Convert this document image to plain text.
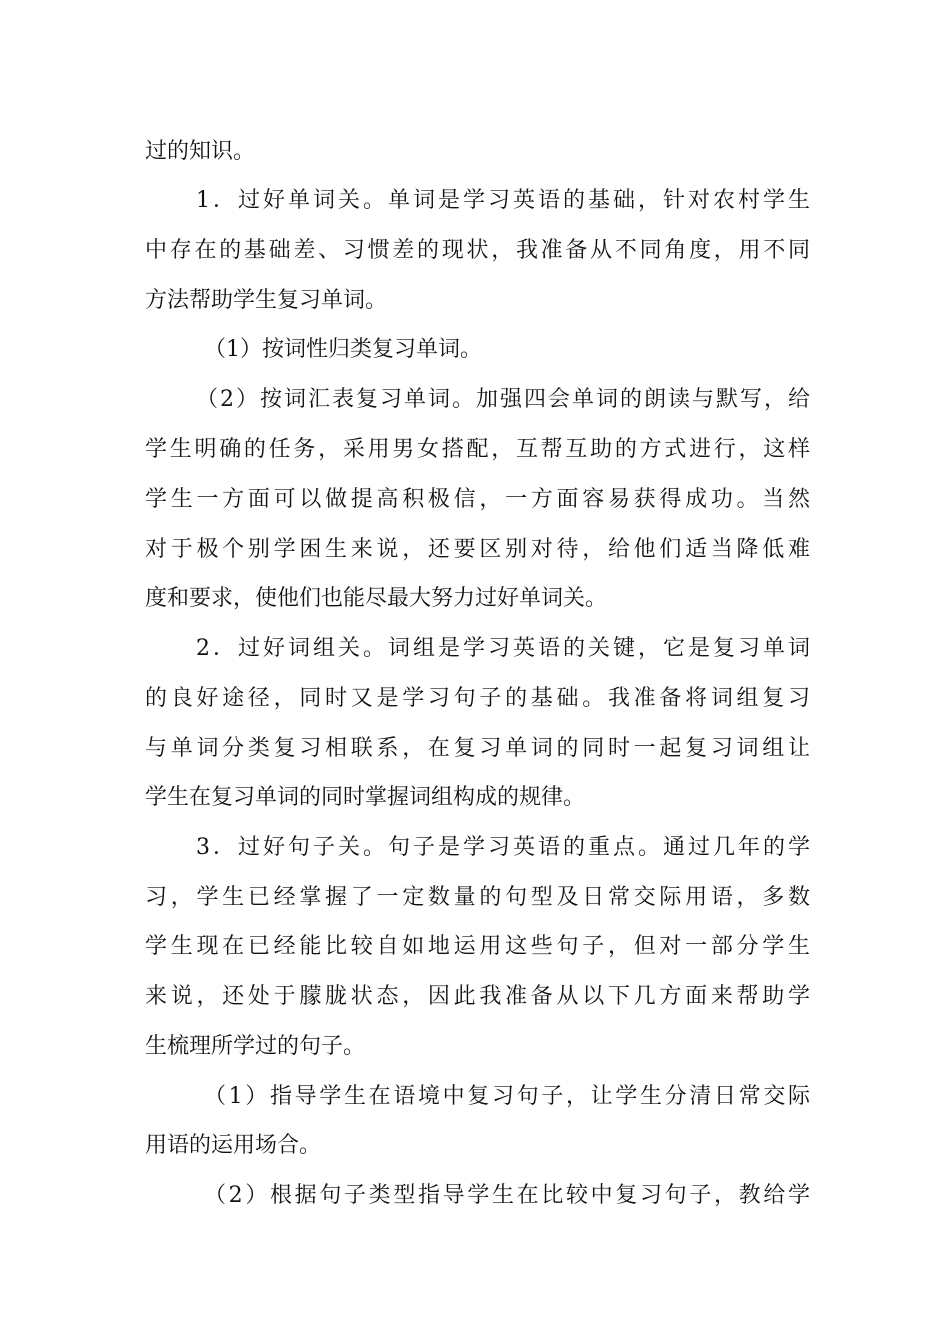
过的知识。
1．过好单词关。单词是学习英语的基础，针对农村学生
中存在的基础差、习惯差的现状，我准备从不同角度，用不同
方法帮助学生复习单词。
（1）按词性归类复习单词。
（2）按词汇表复习单词。加强四会单词的朗读与默写，给
学生明确的任务，采用男女搭配，互帮互助的方式进行，这样
学生一方面可以做提高积极信，一方面容易获得成功。当然
对于极个别学困生来说，还要区别对待，给他们适当降低难
度和要求，使他们也能尽最大努力过好单词关。
2．过好词组关。词组是学习英语的关键，它是复习单词
的良好途径，同时又是学习句子的基础。我准备将词组复习
与单词分类复习相联系，在复习单词的同时一起复习词组让
学生在复习单词的同时掌握词组构成的规律。
3．过好句子关。句子是学习英语的重点。通过几年的学
习，学生已经掌握了一定数量的句型及日常交际用语，多数
学生现在已经能比较自如地运用这些句子，但对一部分学生
来说，还处于朦胧状态，因此我准备从以下几方面来帮助学
生梳理所学过的句子。
（1）指导学生在语境中复习句子，让学生分清日常交际
用语的运用场合。
（2）根据句子类型指导学生在比较中复习句子，教给学
